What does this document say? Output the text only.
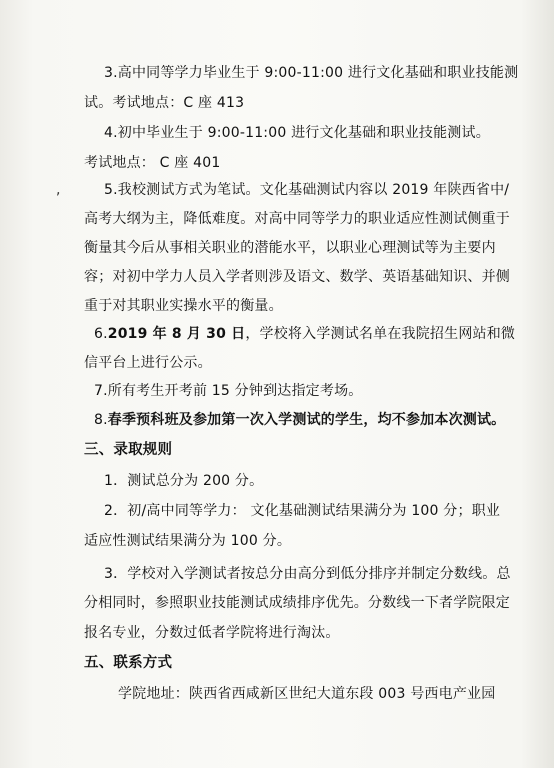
,
3.高中同等学力毕业生于 9:00-11:00 进行文化基础和职业技能测
试。考试地点：C 座 413
4.初中毕业生于 9:00-11:00 进行文化基础和职业技能测试。
考试地点： C 座 401
5.我校测试方式为笔试。文化基础测试内容以 2019 年陕西省中/
高考大纲为主，降低难度。对高中同等学力的职业适应性测试侧重于
衡量其今后从事相关职业的潜能水平，以职业心理测试等为主要内
容；对初中学力人员入学者则涉及语文、数学、英语基础知识、并侧
重于对其职业实操水平的衡量。
6.2019 年 8 月 30 日，学校将入学测试名单在我院招生网站和微
信平台上进行公示。
7.所有考生开考前 15 分钟到达指定考场。
8.春季预科班及参加第一次入学测试的学生，均不参加本次测试。
三、录取规则
1．测试总分为 200 分。
2．初/高中同等学力： 文化基础测试结果满分为 100 分；职业
适应性测试结果满分为 100 分。
3．学校对入学测试者按总分由高分到低分排序并制定分数线。总
分相同时，参照职业技能测试成绩排序优先。分数线一下者学院限定
报名专业，分数过低者学院将进行淘汰。
五、联系方式
学院地址：陕西省西咸新区世纪大道东段 003 号西电产业园
